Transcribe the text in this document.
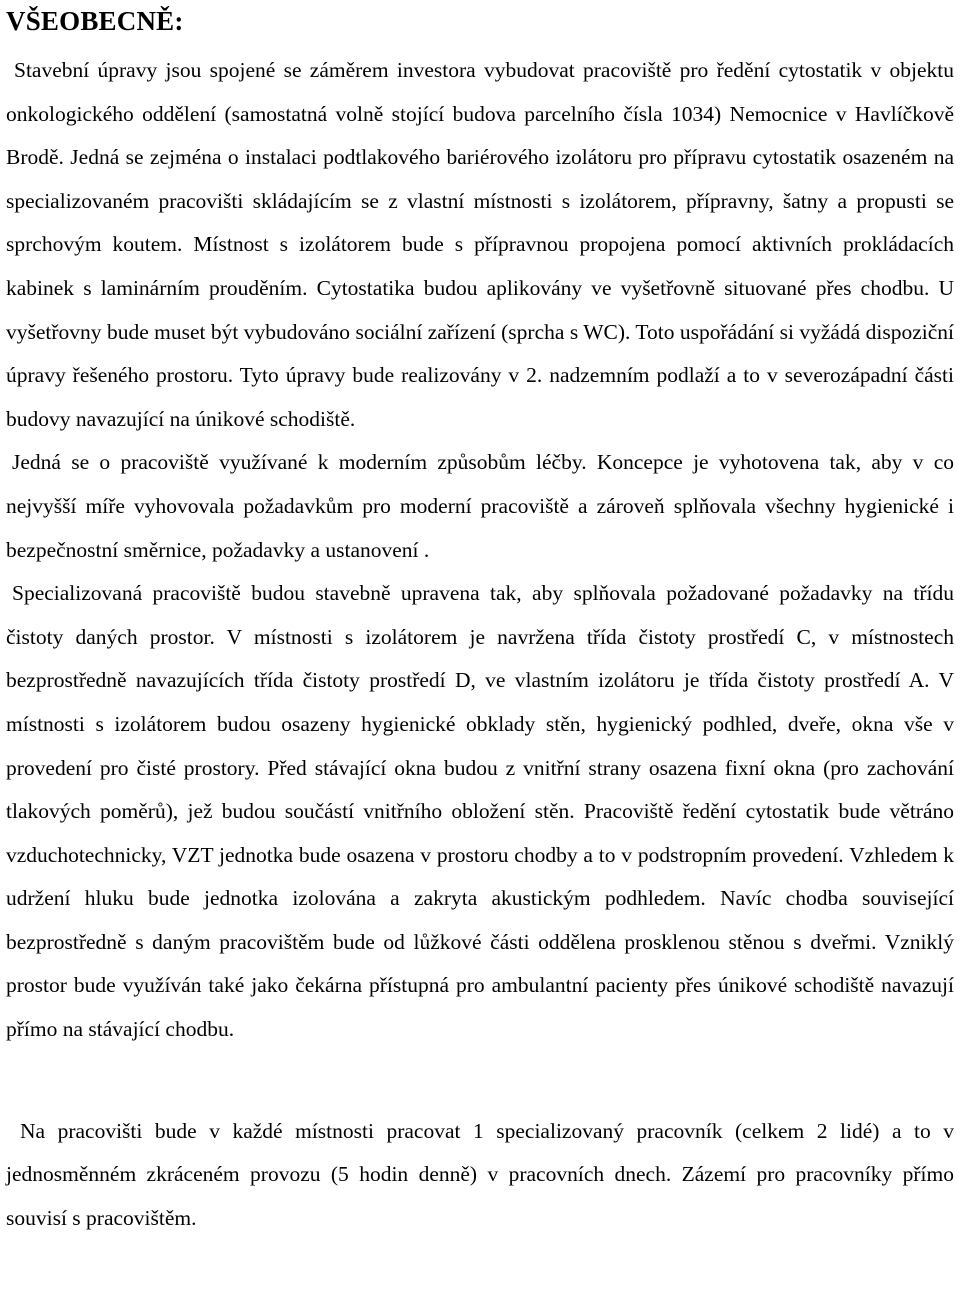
VŠEOBECNĚ:

Stavební úpravy jsou spojené se záměrem investora vybudovat pracoviště pro ředění cytostatik v objektu onkologického oddělení (samostatná volně stojící budova parcelního čísla 1034) Nemocnice v Havlíčkově Brodě. Jedná se zejména o instalaci podtlakového bariérového izolátoru pro přípravu cytostatik osazeném na specializovaném pracovišti skládajícím se z vlastní místnosti s izolátorem, přípravny, šatny a propusti se sprchovým koutem. Místnost s izolátorem bude s přípravnou propojena pomocí aktivních prokládacích kabinek s laminárním prouděním. Cytostatika budou aplikovány ve vyšetřovně situované přes chodbu. U vyšetřovny bude muset být vybudováno sociální zařízení (sprcha s WC). Toto uspořádání si vyžádá dispoziční úpravy řešeného prostoru. Tyto úpravy bude realizovány v 2. nadzemním podlaží a to v severozápadní části budovy navazující na únikové schodiště.

Jedná se o pracoviště využívané k moderním způsobům léčby. Koncepce je vyhotovena tak, aby v co nejvyšší míře vyhovovala požadavkům pro moderní pracoviště a zároveň splňovala všechny hygienické i bezpečnostní směrnice, požadavky a ustanovení .

Specializovaná pracoviště budou stavebně upravena tak, aby splňovala požadované požadavky na třídu čistoty daných prostor. V místnosti s izolátorem je navržena třída čistoty prostředí C, v místnostech bezprostředně navazujících třída čistoty prostředí D, ve vlastním izolátoru je třída čistoty prostředí A. V místnosti s izolátorem budou osazeny hygienické obklady stěn, hygienický podhled, dveře, okna vše v provedení pro čisté prostory. Před stávající okna budou z vnitřní strany osazena fixní okna (pro zachování tlakových poměrů), jež budou součástí vnitřního obložení stěn. Pracoviště ředění cytostatik bude větráno vzduchotechnicky, VZT jednotka bude osazena v prostoru chodby a to v podstropním provedení. Vzhledem k udržení hluku bude jednotka izolována a zakryta akustickým podhledem. Navíc chodba související bezprostředně s daným pracovištěm bude od lůžkové části oddělena prosklenou stěnou s dveřmi. Vzniklý prostor bude využíván také jako čekárna přístupná pro ambulantní pacienty přes únikové schodiště navazují přímo na stávající chodbu.

Na pracovišti bude v každé místnosti pracovat 1 specializovaný pracovník (celkem 2 lidé) a to v jednosměnném zkráceném provozu (5 hodin denně) v pracovních dnech. Zázemí pro pracovníky přímo souvisí s pracovištěm.
